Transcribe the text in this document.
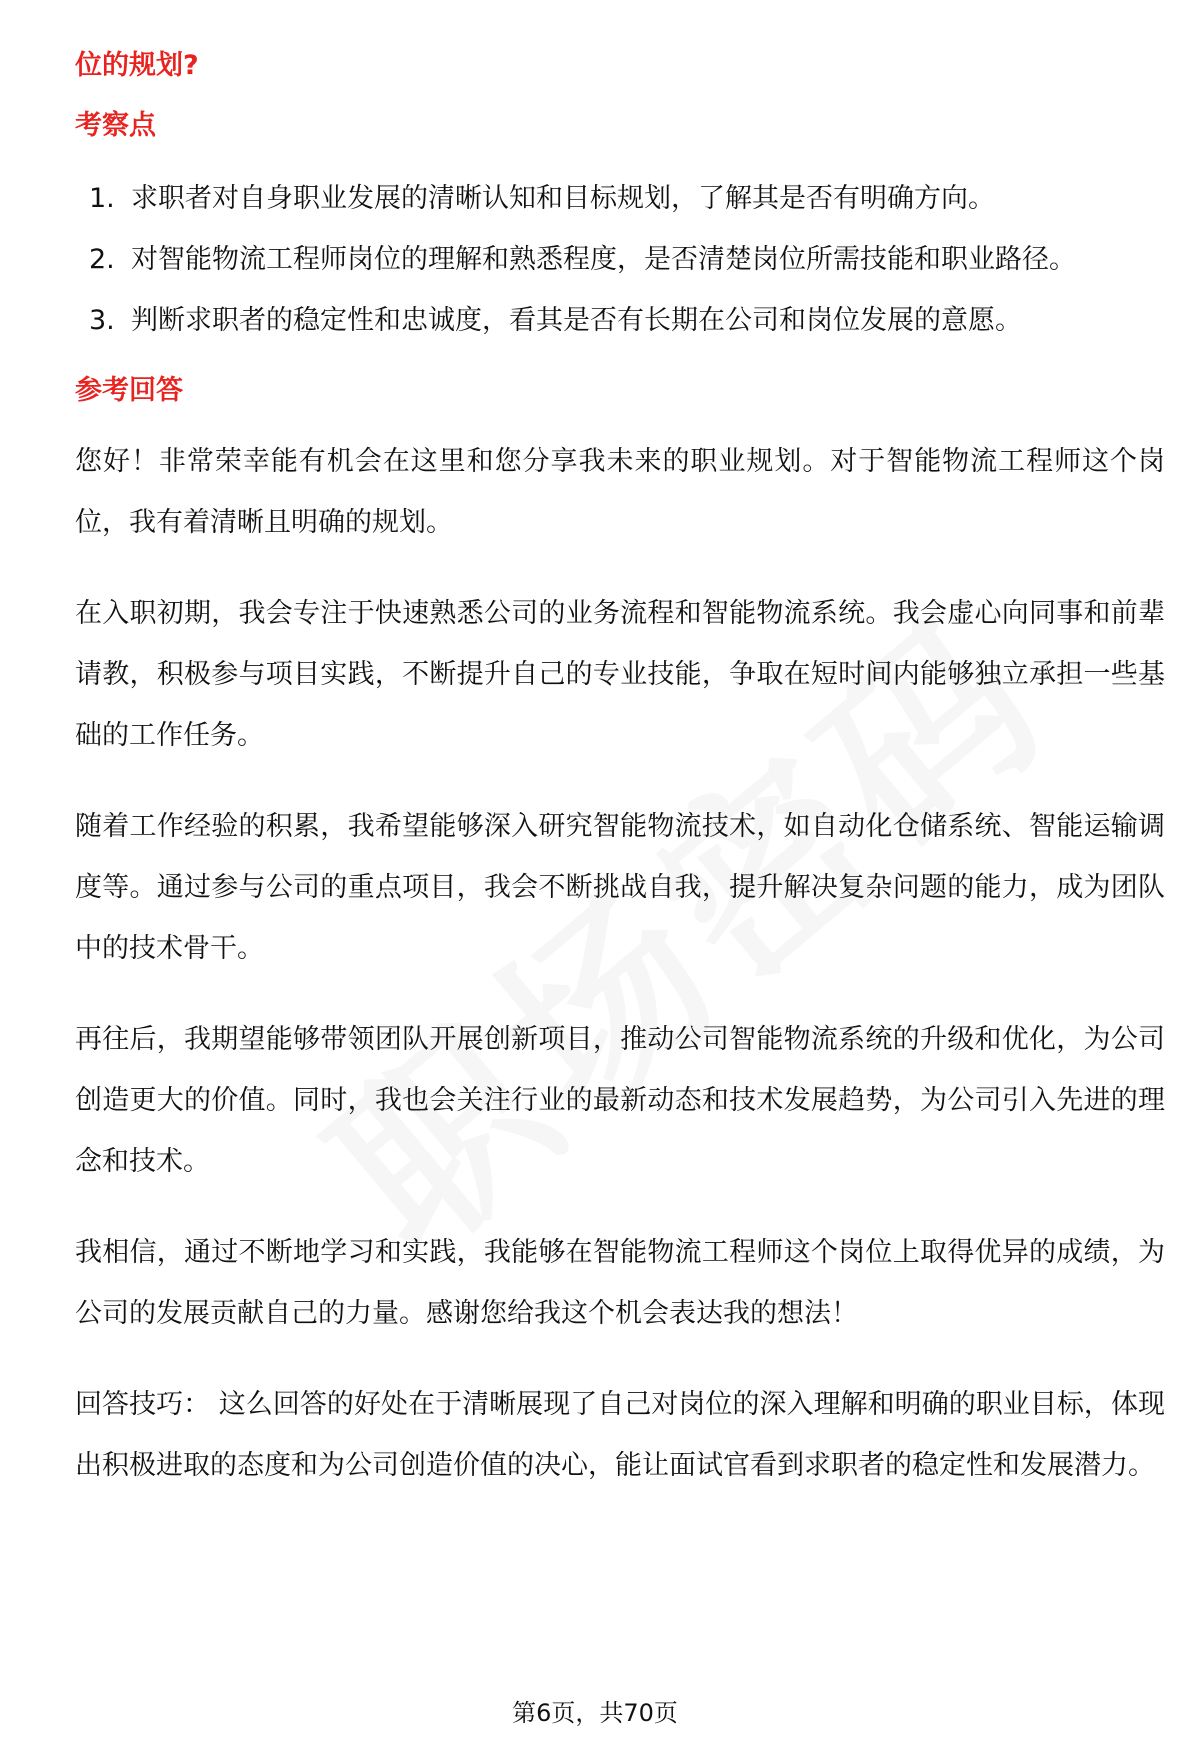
位的规划?
考察点
1. 求职者对自身职业发展的清晰认知和目标规划，了解其是否有明确方向。
2. 对智能物流工程师岗位的理解和熟悉程度，是否清楚岗位所需技能和职业路径。
3. 判断求职者的稳定性和忠诚度，看其是否有长期在公司和岗位发展的意愿。
参考回答

您好！非常荣幸能有机会在这里和您分享我未来的职业规划。对于智能物流工程师这个岗位，我有着清晰且明确的规划。

在入职初期，我会专注于快速熟悉公司的业务流程和智能物流系统。我会虚心向同事和前辈请教，积极参与项目实践，不断提升自己的专业技能，争取在短时间内能够独立承担一些基础的工作任务。

随着工作经验的积累，我希望能够深入研究智能物流技术，如自动化仓储系统、智能运输调度等。通过参与公司的重点项目，我会不断挑战自我，提升解决复杂问题的能力，成为团队中的技术骨干。

再往后，我期望能够带领团队开展创新项目，推动公司智能物流系统的升级和优化，为公司创造更大的价值。同时，我也会关注行业的最新动态和技术发展趋势，为公司引入先进的理念和技术。

我相信，通过不断地学习和实践，我能够在智能物流工程师这个岗位上取得优异的成绩，为公司的发展贡献自己的力量。感谢您给我这个机会表达我的想法！

回答技巧： 这么回答的好处在于清晰展现了自己对岗位的深入理解和明确的职业目标，体现出积极进取的态度和为公司创造价值的决心，能让面试官看到求职者的稳定性和发展潜力。

第6页，共70页
